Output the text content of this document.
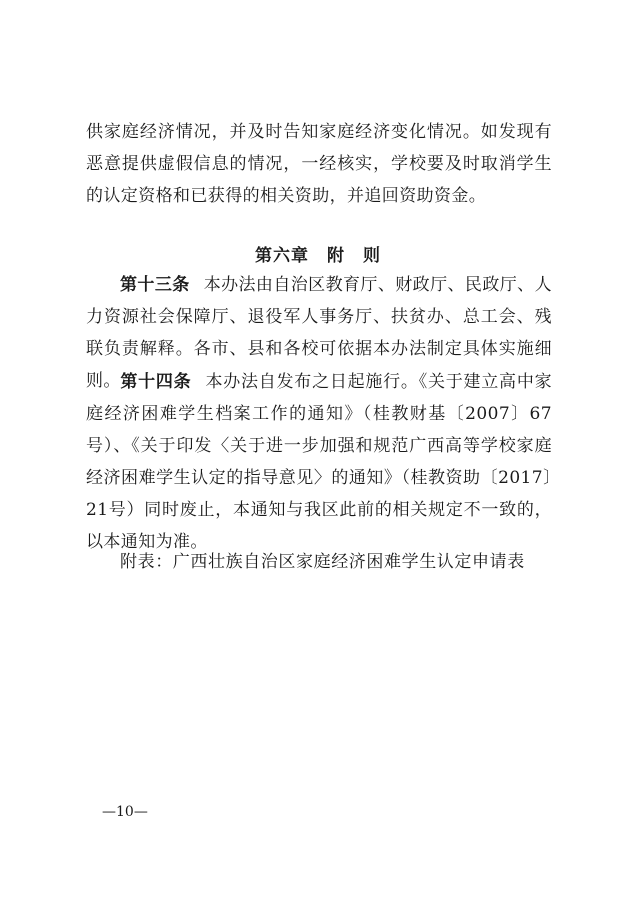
供家庭经济情况，并及时告知家庭经济变化情况。如发现有恶意提供虚假信息的情况，一经核实，学校要及时取消学生的认定资格和已获得的相关资助，并追回资助资金。

第六章　附　则

第十三条 本办法由自治区教育厅、财政厅、民政厅、人力资源社会保障厅、退役军人事务厅、扶贫办、总工会、残联负责解释。各市、县和各校可依据本办法制定具体实施细则。 第十四条 本办法自发布之日起施行。《关于建立高中家庭经济困难学生档案工作的通知》（桂教财基〔2007〕67号）、《关于印发〈关于进一步加强和规范广西高等学校家庭经济困难学生认定的指导意见〉的通知》（桂教资助〔2017〕21号）同时废止，本通知与我区此前的相关规定不一致的，以本通知为准。

附表：广西壮族自治区家庭经济困难学生认定申请表
—10—
